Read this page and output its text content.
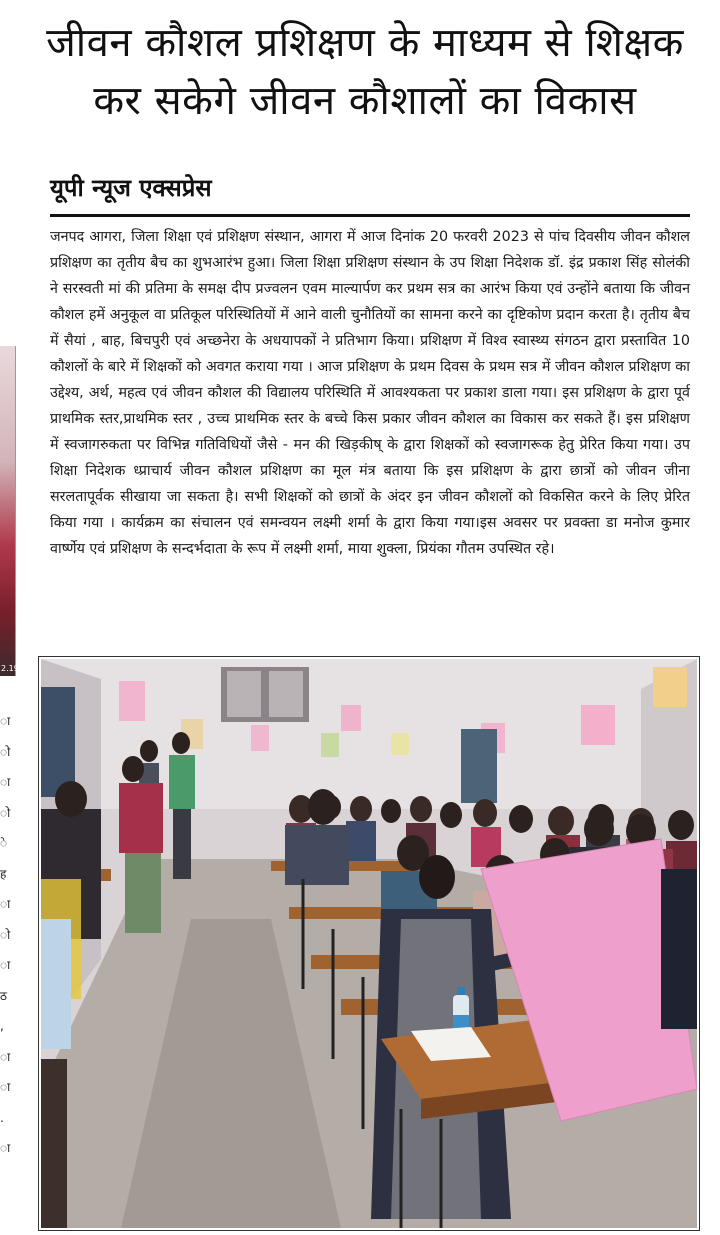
जीवन कौशल प्रशिक्षण के माध्यम से शिक्षक
कर सकेगे जीवन कौशालों का विकास
यूपी न्यूज एक्सप्रेस

जनपद आगरा, जिला शिक्षा एवं प्रशिक्षण संस्थान, आगरा में आज दिनांक 20 फरवरी 2023 से पांच दिवसीय जीवन कौशल प्रशिक्षण का तृतीय बैच का शुभआरंभ हुआ। जिला शिक्षा प्रशिक्षण संस्थान के उप शिक्षा निदेशक डॉ. इंद्र प्रकाश सिंह सोलंकी ने सरस्वती मां की प्रतिमा के समक्ष दीप प्रज्वलन एवम माल्यार्पण कर प्रथम सत्र का आरंभ किया एवं उन्होंने बताया कि जीवन कौशल हमें अनुकूल वा प्रतिकूल परिस्थितियों में आने वाली चुनौतियों का सामना करने का दृष्टिकोण प्रदान करता है। तृतीय बैच में सैयां , बाह, बिचपुरी एवं अच्छनेरा के अधयापकों ने प्रतिभाग किया। प्रशिक्षण में विश्व स्वास्थ्य संगठन द्वारा प्रस्तावित 10 कौशलों के बारे में शिक्षकों को अवगत कराया गया । आज प्रशिक्षण के प्रथम दिवस के प्रथम सत्र में जीवन कौशल प्रशिक्षण का उद्देश्य, अर्थ, महत्व एवं जीवन कौशल की विद्यालय परिस्थिति में आवश्यकता पर प्रकाश डाला गया। इस प्रशिक्षण के द्वारा पूर्व प्राथमिक स्तर,प्राथमिक स्तर , उच्च प्राथमिक स्तर के बच्चे किस प्रकार जीवन कौशल का विकास कर सकते हैं। इस प्रशिक्षण में स्वजागरुकता पर विभिन्न गतिविधियों जैसे - मन की खिड़कीष् के द्वारा शिक्षकों को स्वजागरूक हेतु प्रेरित किया गया। उप शिक्षा निदेशक ध्प्राचार्य जीवन कौशल प्रशिक्षण का मूल मंत्र बताया कि इस प्रशिक्षण के द्वारा छात्रों को जीवन जीना सरलतापूर्वक सीखाया जा सकता है। सभी शिक्षकों को छात्रों के अंदर इन जीवन कौशलों को विकसित करने के लिए प्रेरित किया गया । कार्यक्रम का संचालन एवं समन्वयन लक्ष्मी शर्मा के द्वारा किया गया।इस अवसर पर प्रवक्ता डा मनोज कुमार वार्ष्णेय एवं प्रशिक्षण के सन्दर्भदाता के रूप में लक्ष्मी शर्मा, माया शुक्ला, प्रियंका गौतम उपस्थित रहे।

2.19
ा
ो
ा
ो
े
ह
ा
ो
ा
ठ
,
ा
ा
.
ा
